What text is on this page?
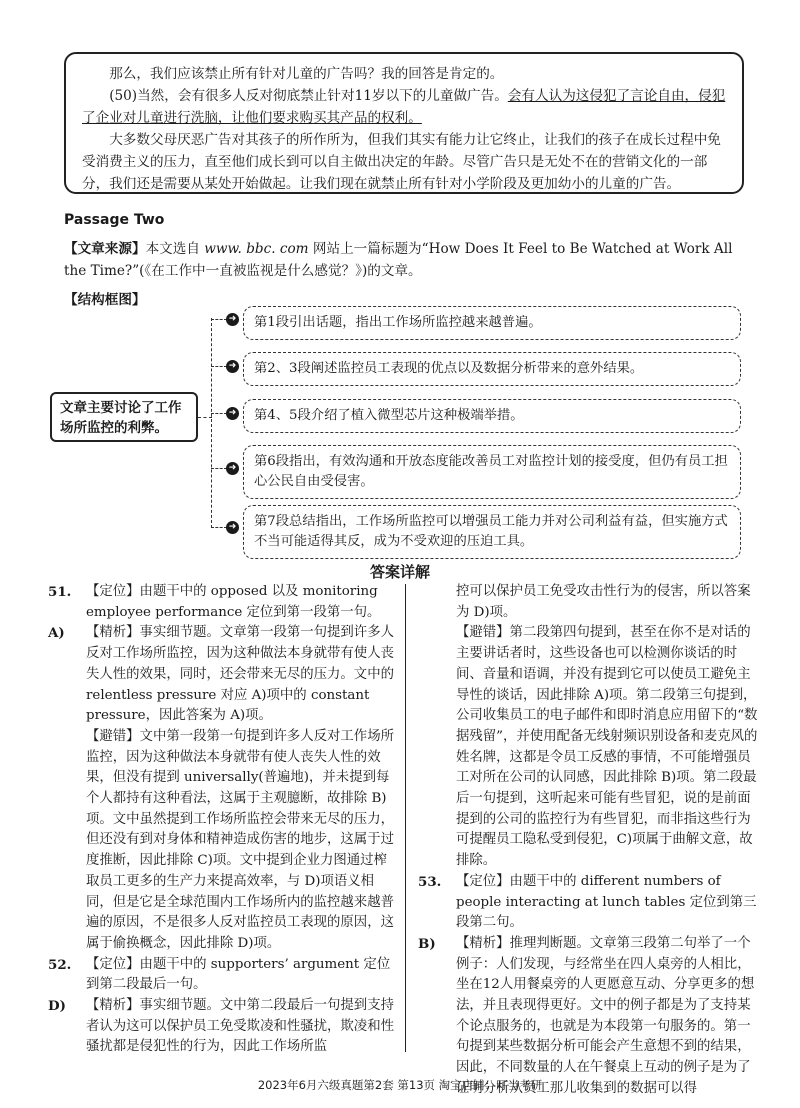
那么，我们应该禁止所有针对儿童的广告吗？我的回答是肯定的。

(50)当然，会有很多人反对彻底禁止针对11岁以下的儿童做广告。会有人认为这侵犯了言论自由，侵犯了企业对儿童进行洗脑，让他们要求购买其产品的权利。

大多数父母厌恶广告对其孩子的所作所为，但我们其实有能力让它终止，让我们的孩子在成长过程中免受消费主义的压力，直至他们成长到可以自主做出决定的年龄。尽管广告只是无处不在的营销文化的一部分，我们还是需要从某处开始做起。让我们现在就禁止所有针对小学阶段及更加幼小的儿童的广告。

Passage Two
【文章来源】本文选自 www. bbc. com 网站上一篇标题为“How Does It Feel to Be Watched at Work All the Time?”(《在工作中一直被监视是什么感觉？》)的文章。
【结构框图】
文章主要讨论了工作场所监控的利弊。
➜	第1段引出话题，指出工作场所监控越来越普遍。
➜	第2、3段阐述监控员工表现的优点以及数据分析带来的意外结果。
➜	第4、5段介绍了植入微型芯片这种极端举措。
➜	第6段指出，有效沟通和开放态度能改善员工对监控计划的接受度，但仍有员工担心公民自由受侵害。
➜	第7段总结指出，工作场所监控可以增强员工能力并对公司利益有益，但实施方式不当可能适得其反，成为不受欢迎的压迫工具。
答案详解
51. 【定位】由题干中的 opposed 以及 monitoring employee performance 定位到第一段第一句。
A) 【精析】事实细节题。文章第一段第一句提到许多人反对工作场所监控，因为这种做法本身就带有使人丧失人性的效果，同时，还会带来无尽的压力。文中的 relentless pressure 对应 A)项中的 constant pressure，因此答案为 A)项。
【避错】文中第一段第一句提到许多人反对工作场所监控，因为这种做法本身就带有使人丧失人性的效果，但没有提到 universally(普遍地)，并未提到每个人都持有这种看法，这属于主观臆断，故排除 B)项。文中虽然提到工作场所监控会带来无尽的压力，但还没有到对身体和精神造成伤害的地步，这属于过度推断，因此排除 C)项。文中提到企业力图通过榨取员工更多的生产力来提高效率，与 D)项语义相同，但是它是全球范围内工作场所内的监控越来越普遍的原因，不是很多人反对监控员工表现的原因，这属于偷换概念，因此排除 D)项。
52. 【定位】由题干中的 supporters’ argument 定位到第二段最后一句。
D) 【精析】事实细节题。文中第二段最后一句提到支持者认为这可以保护员工免受欺凌和性骚扰，欺凌和性骚扰都是侵犯性的行为，因此工作场所监
控可以保护员工免受攻击性行为的侵害，所以答案为 D)项。
【避错】第二段第四句提到，甚至在你不是对话的主要讲话者时，这些设备也可以检测你谈话的时间、音量和语调，并没有提到它可以使员工避免主导性的谈话，因此排除 A)项。第二段第三句提到，公司收集员工的电子邮件和即时消息应用留下的“数据残留”，并使用配备无线射频识别设备和麦克风的姓名牌，这都是令员工反感的事情，不可能增强员工对所在公司的认同感，因此排除 B)项。第二段最后一句提到，这听起来可能有些冒犯，说的是前面提到的公司的监控行为有些冒犯，而非指这些行为可提醒员工隐私受到侵犯，C)项属于曲解文意，故排除。
53. 【定位】由题干中的 different numbers of people interacting at lunch tables 定位到第三段第二句。
B) 【精析】推理判断题。文章第三段第二句举了一个例子：人们发现，与经常坐在四人桌旁的人相比，坐在12人用餐桌旁的人更愿意互动、分享更多的想法，并且表现得更好。文中的例子都是为了支持某个论点服务的，也就是为本段第一句服务的。第一句提到某些数据分析可能会产生意想不到的结果，因此，不同数量的人在午餐桌上互动的例子是为了证明分析从员工那儿收集到的数据可以得
2023年6月六级真题第2套 第13页 淘宝店铺：叮当考研
